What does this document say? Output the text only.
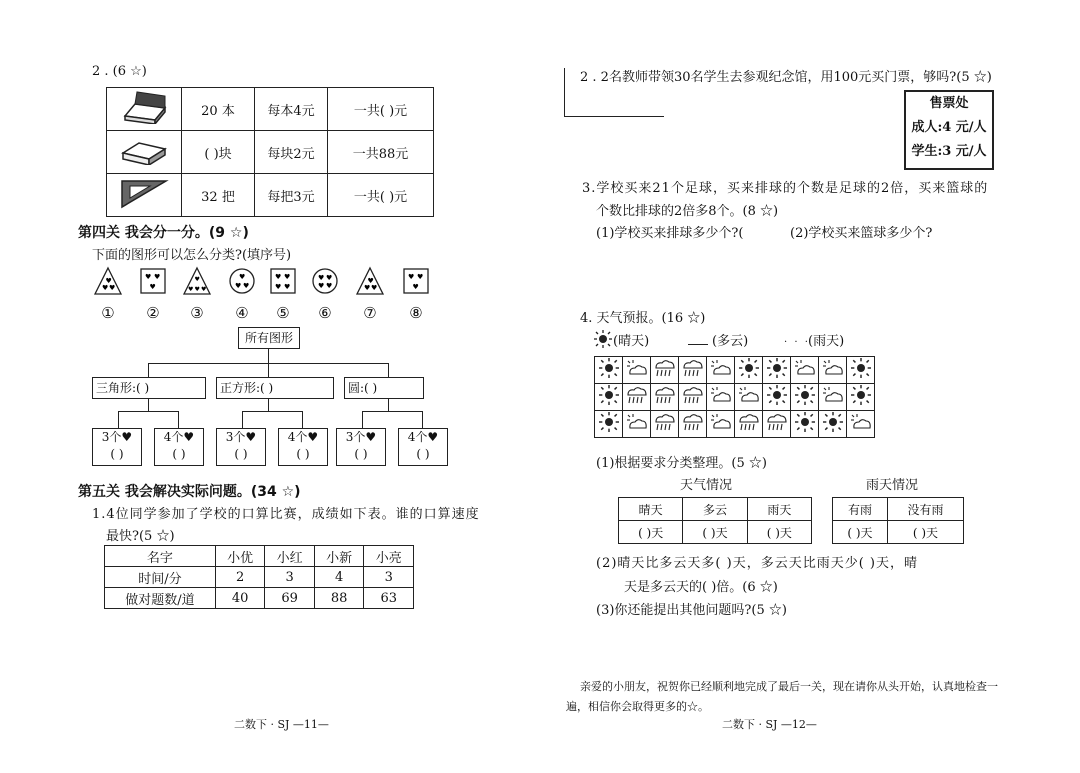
2 . (6 ☆)
	20 本	每本4元	一共( )元
	( )块	每块2元	一共88元
	32 把	每把3元	一共( )元
第四关 我会分一分。(9 ☆)
下面的图形可以怎么分类?(填序号)
♥ ♥
♥	♥ ♥
♥
♥
♥ ♥ ♥
♥
♥ ♥
♥ ♥
♥ ♥
♥ ♥
♥ ♥	♥ ♥
♥	♥ ♥
♥
①	②	③	④	⑤	⑥	⑦	⑧
所有图形
三角形:( )	正方形:( )	圆:( )
3个♥
( )
4个♥
( )
3个♥
( )
4个♥
( )
3个♥
( )
4个♥
( )
第五关 我会解决实际问题。(34 ☆)
1.4位同学参加了学校的口算比赛，成绩如下表。谁的口算速度
最快?(5 ☆)
名字	小优	小红	小新	小亮
时间/分	2	3	4	3
做对题数/道	40	69	88	63
二数下 · SJ —11—
2 . 2名教师带领30名学生去参观纪念馆，用100元买门票，够吗?(5 ☆)
售票处
成人:4 元/人
学生:3 元/人
3.学校买来21个足球，买来排球的个数是足球的2倍，买来篮球的
个数比排球的2倍多8个。(8 ☆)
(1)学校买来排球多少个?(	(2)学校买来篮球多少个?
4. 天气预报。(16 ☆)
(晴天)	(多云)	. . .
(雨天)

(1)根据要求分类整理。(5 ☆)
天气情况
晴天	多云	雨天
( )天	( )天	( )天
雨天情况
有雨	没有雨
( )天	( )天
(2)晴天比多云天多( )天，多云天比雨天少( )天，晴
天是多云天的( )倍。(6 ☆)
(3)你还能提出其他问题吗?(5 ☆)
亲爱的小朋友，祝贺你已经顺利地完成了最后一关，现在请你从头开始，认真地检查一
遍，相信你会取得更多的☆。
二数下 · SJ —12—
